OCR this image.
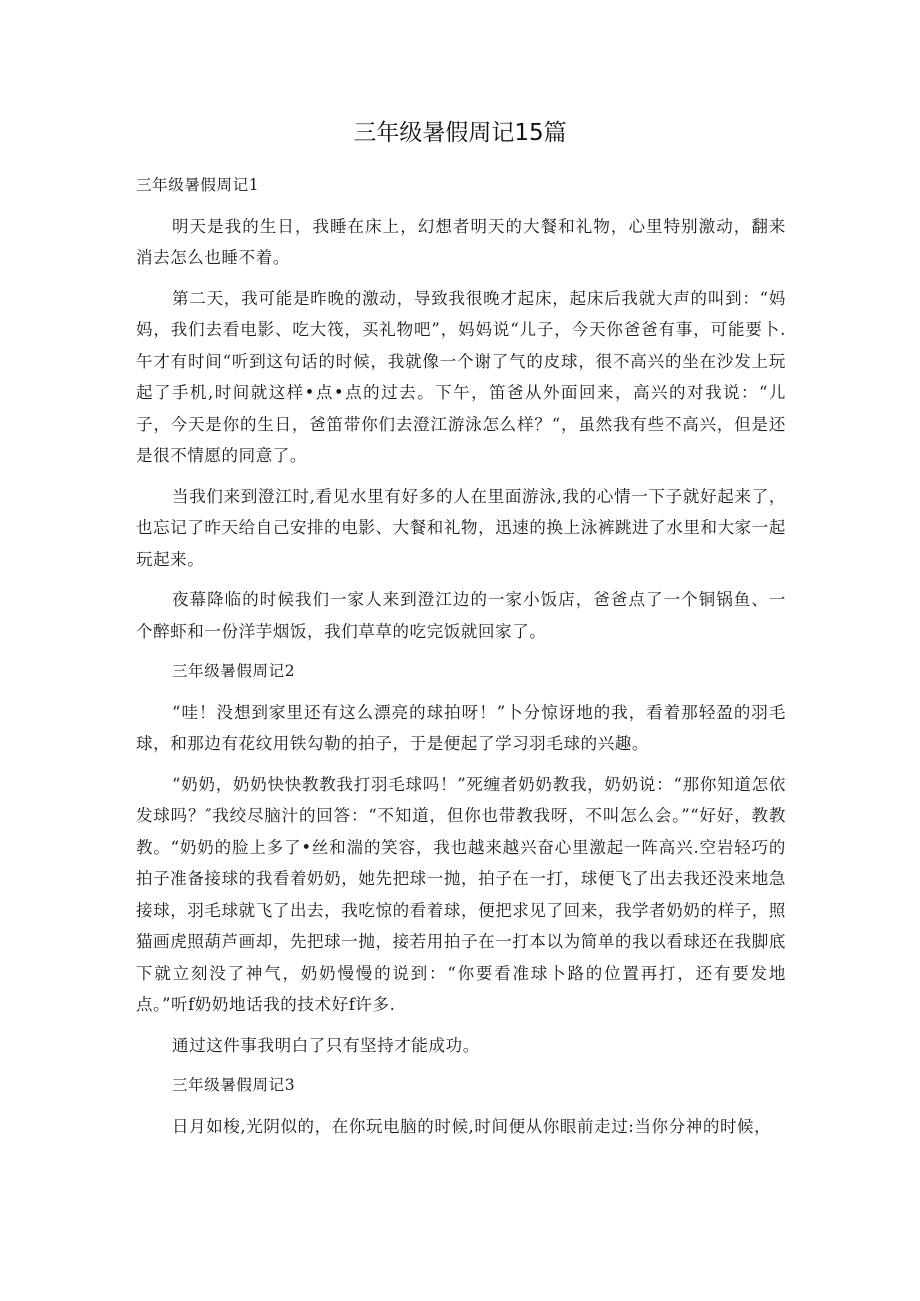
三年级暑假周记15篇

三年级暑假周记1

明天是我的生日，我睡在床上，幻想者明天的大餐和礼物，心里特别激动，翻来消去怎么也睡不着。

第二天，我可能是昨晚的激动，导致我很晚才起床，起床后我就大声的叫到：“妈妈，我们去看电影、吃大筏，买礼物吧”，妈妈说“儿子，今天你爸爸有事，可能要卜.午才有时间“听到这句话的时候，我就像一个谢了气的皮球，很不高兴的坐在沙发上玩起了手机,时间就这样•点•点的过去。下午，笛爸从外面回来，高兴的对我说：“儿子，今天是你的生日，爸笛带你们去澄江游泳怎么样？“，虽然我有些不高兴，但是还是很不情愿的同意了。

当我们来到澄江时,看见水里有好多的人在里面游泳,我的心情一下子就好起来了，也忘记了昨天给自己安排的电影、大餐和礼物，迅速的换上泳裤跳进了水里和大家一起玩起来。

夜幕降临的时候我们一家人来到澄江边的一家小饭店，爸爸点了一个铜锅鱼、一个醉虾和一份洋芋烟饭，我们草草的吃完饭就回家了。

三年级暑假周记2

“哇！没想到家里还有这么漂亮的球拍呀！”卜分惊讶地的我，看着那轻盈的羽毛球，和那边有花纹用铁勾勒的拍子，于是便起了学习羽毛球的兴趣。

“奶奶，奶奶快快教教我打羽毛球吗！”死缠者奶奶教我，奶奶说：“那你知道怎依发球吗？″我绞尽脑汁的回答：“不知道，但你也带教我呀，不叫怎么会。”“好好，教教教。“奶奶的脸上多了•丝和湍的笑容，我也越来越兴奋心里激起一阵高兴.空岩轻巧的拍子准备接球的我看着奶奶，她先把球一抛，拍子在一打，球便飞了出去我还没来地急接球，羽毛球就飞了出去，我吃惊的看着球，便把求见了回来，我学者奶奶的样子，照猫画虎照葫芦画却，先把球一抛，接若用拍子在一打本以为简单的我以看球还在我脚底下就立刻没了神气，奶奶慢慢的说到：“你要看准球卜路的位置再打，还有要发地点。”听f奶奶地话我的技术好f许多.

通过这件事我明白了只有坚持才能成功。

三年级暑假周记3

日月如梭,光阴似的，在你玩电脑的时候,时间便从你眼前走过:当你分神的时候，
